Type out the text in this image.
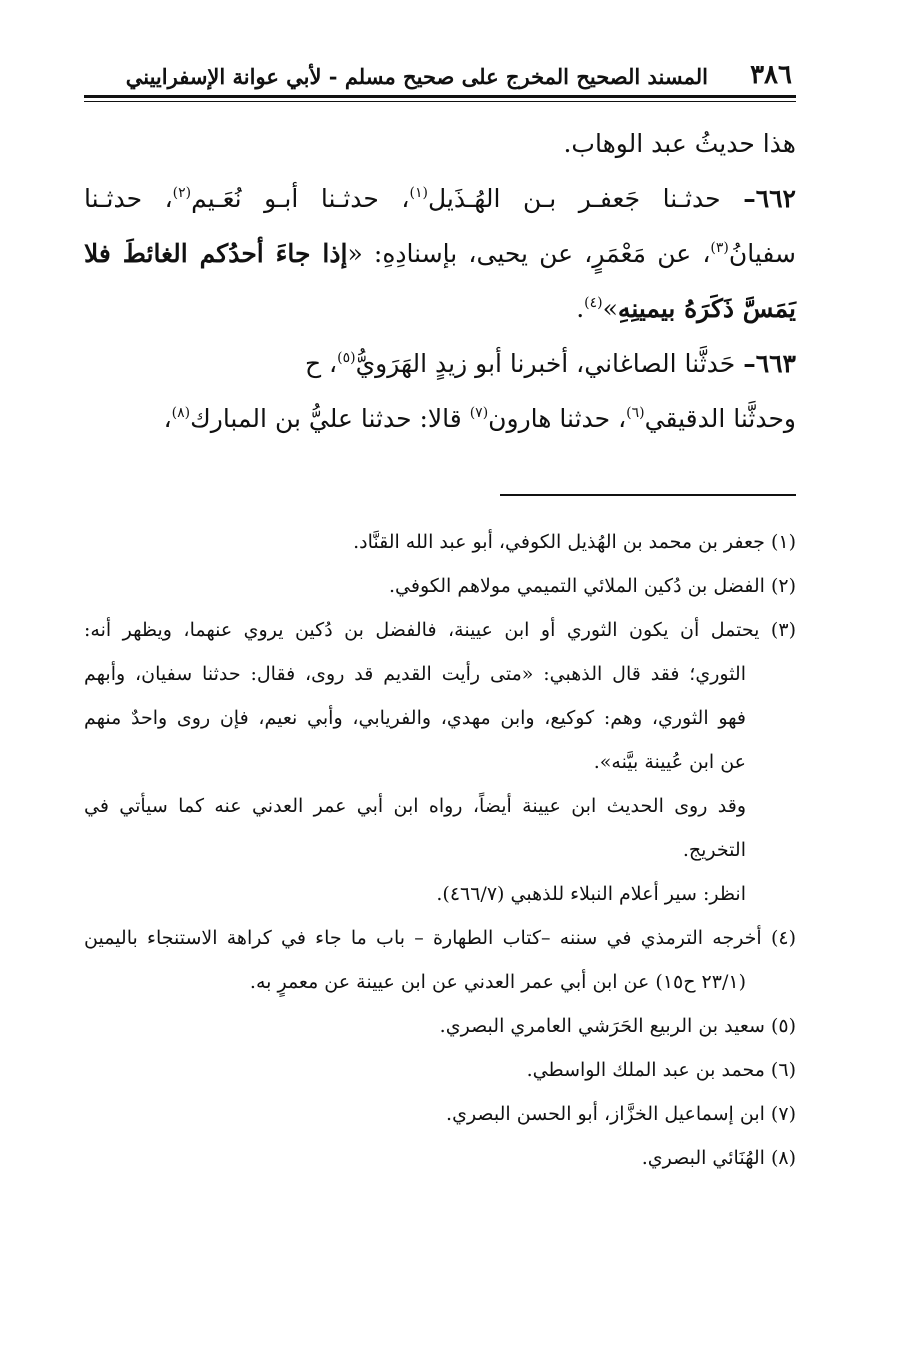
٣٨٦
المسند الصحيح المخرج على صحيح مسلم - لأبي عوانة الإسفراييني

هذا حديثُ عبد الوهاب.

٦٦٢– حدثـنا جَعفـر بـن الهُـذَيل$^{(١)}$، حدثـنا أبـو نُعَـيم$^{(٢)}$، حدثـنا

سفيانُ$^{(٣)}$، عن مَعْمَرٍ، عن يحيى، بإسنادِهِ: «إذا جاءَ أحدُكم الغائطَ فلا

يَمَسَّ ذَكَرَهُ بيمينِهِ»$^{(٤)}$.

٦٦٣– حَدثَّنا الصاغاني، أخبرنا أبو زيدٍ الهَرَويُّ$^{(٥)}$، ح

وحدثَّنا الدقيقي$^{(٦)}$، حدثنا هارون$^{(٧)}$ قالا: حدثنا عليُّ بن المبارك$^{(٨)}$،

(١) جعفر بن محمد بن الهُذيل الكوفي، أبو عبد الله القنَّاد.

(٢) الفضل بن دُكين الملائي التميمي مولاهم الكوفي.

(٣) يحتمل أن يكون الثوري أو ابن عيينة، فالفضل بن دُكين يروي عنهما، ويظهر أنه:

الثوري؛ فقد قال الذهبي: «متى رأيت القديم قد روى، فقال: حدثنا سفيان، وأبهم

فهو الثوري، وهم: كوكيع، وابن مهدي، والفريابي، وأبي نعيم، فإن روى واحدٌ منهم

عن ابن عُيينة بيَّنه».

وقد روى الحديث ابن عيينة أيضاً، رواه ابن أبي عمر العدني عنه كما سيأتي في

التخريج.

انظر: سير أعلام النبلاء للذهبي (٤٦٦/٧).

(٤) أخرجه الترمذي في سننه –كتاب الطهارة – باب ما جاء في كراهة الاستنجاء باليمين

(٢٣/١ ح١٥) عن ابن أبي عمر العدني عن ابن عيينة عن معمرٍ به.

(٥) سعيد بن الربيع الحَرَشي العامري البصري.

(٦) محمد بن عبد الملك الواسطي.

(٧) ابن إسماعيل الخزَّاز، أبو الحسن البصري.

(٨) الهُنَائي البصري.
